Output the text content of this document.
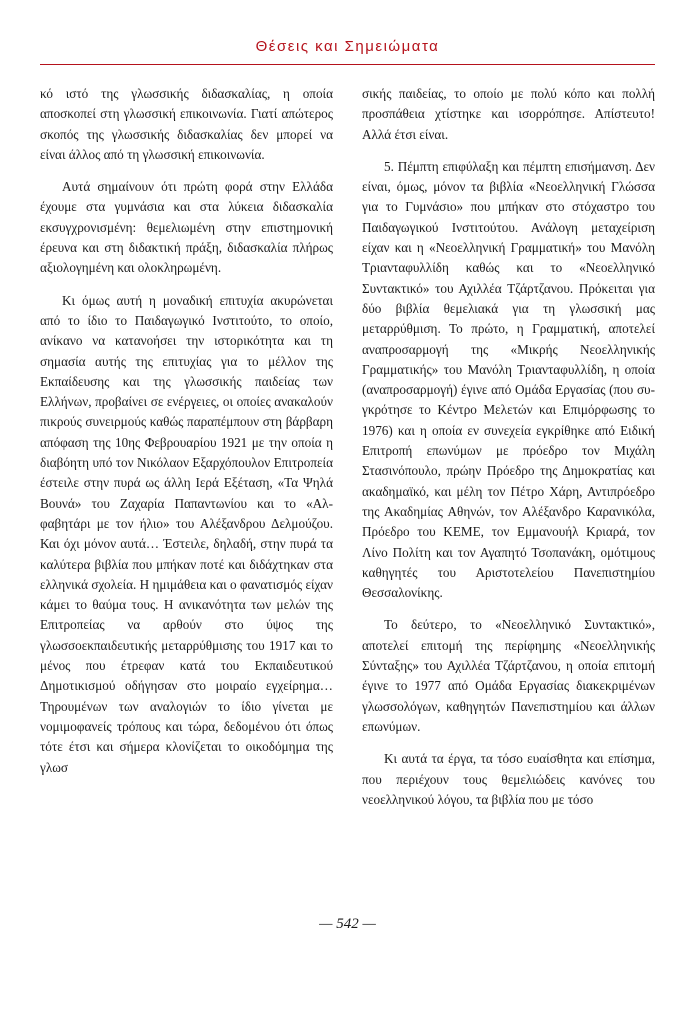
Θέσεις και Σημειώματα

κό ιστό της γλωσσικής διδασκαλίας, η οποία αποσκοπεί στη γλωσσική επικοινωνία. Γιατί απώτερος σκοπός της γλωσσικής διδασκαλίας δεν μπορεί να είναι άλλος από τη γλωσσική επικοινωνία.

Αυτά σημαίνουν ότι πρώτη φορά στην Ελλάδα έχουμε στα γυμνάσια και στα λύκεια διδασκαλία εκσυγχρονισμένη: θεμελιωμένη στην επιστημονική έρευνα και στη διδακτική πράξη, διδασκαλία πλήρως αξιολογημένη και ολοκληρωμένη.

Κι όμως αυτή η μοναδική επιτυχία ακυρώνεται από το ίδιο το Παιδαγωγικό Ινστιτούτο, το οποίο, ανίκανο να κατανοήσει την ιστορικότητα και τη σημασία αυτής της επιτυχίας για το μέλλον της Εκπαίδευσης και της γλωσσικής παιδείας των Ελλήνων, προβαίνει σε ενέργειες, οι οποίες ανακαλούν πικρούς συνειρμούς καθώς παραπέμπουν στη βάρβαρη απόφαση της 10ης Φεβρουαρίου 1921 με την οποία η διαβόητη υπό τον Νικόλαον Εξαρχόπουλον Επιτροπεία έστειλε στην πυρά ως άλλη Ιερά Εξέταση, «Τα Ψηλά Βουνά» του Ζαχαρία Παπαντωνίου και το «Αλφαβητάρι με τον ήλιο» του Αλέξανδρου Δελμούζου. Και όχι μόνον αυτά… Έστειλε, δηλαδή, στην πυρά τα καλύτερα βιβλία που μπήκαν ποτέ και διδάχτηκαν στα ελληνικά σχολεία. Η ημιμάθεια και ο φανατισμός είχαν κάμει το θαύμα τους. Η ανικανότητα των μελών της Επιτροπείας να αρθούν στο ύψος της γλωσσοεκπαιδευτικής μεταρρύθμισης του 1917 και το μένος που έτρεφαν κατά του Εκπαιδευτικού Δημοτικισμού οδήγησαν στο μοιραίο εγχείρημα… Τηρουμένων των αναλογιών το ίδιο γίνεται με νομιμοφανείς τρόπους και τώρα, δεδομένου ότι όπως τότε έτσι και σήμερα κλονίζεται το οικοδόμημα της γλωσ

σικής παιδείας, το οποίο με πολύ κόπο και πολλή προσπάθεια χτίστηκε και ισορρόπησε. Απίστευτο! Αλλά έτσι είναι.

5. Πέμπτη επιφύλαξη και πέμπτη επισήμανση. Δεν είναι, όμως, μόνον τα βιβλία «Νεοελληνική Γλώσσα για το Γυμνάσιο» που μπήκαν στο στόχαστρο του Παιδαγωγικού Ινστιτούτου. Ανάλογη μεταχείριση είχαν και η «Νεοελληνική Γραμματική» του Μανόλη Τριανταφυλλίδη καθώς και το «Νεοελληνικό Συντακτικό» του Αχιλλέα Τζάρτζανου. Πρόκειται για δύο βιβλία θεμελιακά για τη γλωσσική μας μεταρρύθμιση. Το πρώτο, η Γραμματική, αποτελεί αναπροσαρμογή της «Μικρής Νεοελληνικής Γραμματικής» του Μανόλη Τριανταφυλλίδη, η οποία (αναπροσαρμογή) έγινε από Ομάδα Εργασίας (που συγκρότησε το Κέντρο Μελετών και Επιμόρφωσης το 1976) και η οποία εν συνεχεία εγκρίθηκε από Ειδική Επιτροπή επωνύμων με πρόεδρο τον Μιχάλη Στασινόπουλο, πρώην Πρόεδρο της Δημοκρατίας και ακαδημαϊκό, και μέλη τον Πέτρο Χάρη, Αντιπρόεδρο της Ακαδημίας Αθηνών, τον Αλέξανδρο Καρανικόλα, Πρόεδρο του ΚΕΜΕ, τον Εμμανουήλ Κριαρά, τον Λίνο Πολίτη και τον Αγαπητό Τσοπανάκη, ομότιμους καθηγητές του Αριστοτελείου Πανεπιστημίου Θεσσαλονίκης.

Το δεύτερο, το «Νεοελληνικό Συντακτικό», αποτελεί επιτομή της περίφημης «Νεοελληνικής Σύνταξης» του Αχιλλέα Τζάρτζανου, η οποία επιτομή έγινε το 1977 από Ομάδα Εργασίας διακεκριμένων γλωσσολόγων, καθηγητών Πανεπιστημίου και άλλων επωνύμων.

Κι αυτά τα έργα, τα τόσο ευαίσθητα και επίσημα, που περιέχουν τους θεμελιώδεις κανόνες του νεοελληνικού λόγου, τα βιβλία που με τόσο

— 542 —
